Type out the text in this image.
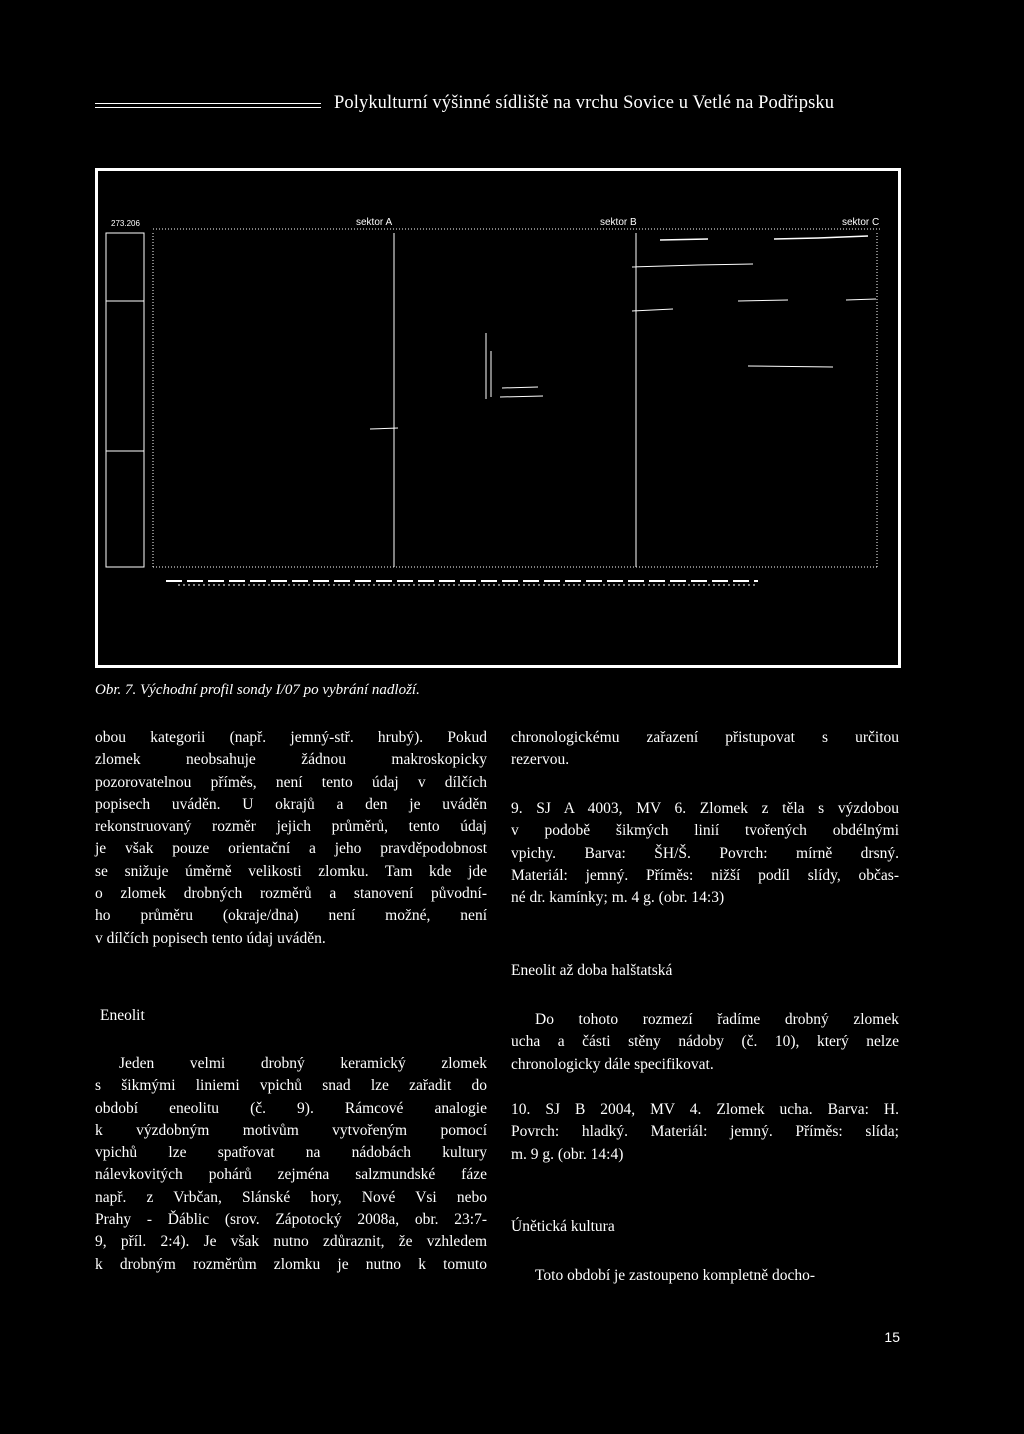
Polykulturní výšinné sídliště na vrchu Sovice u Vetlé na Podřipsku
273.206	sektor A	sektor B	sektor C
Obr. 7. Východní profil sondy I/07 po vybrání nadloží.

obou kategorii (např. jemný-stř. hrubý). Pokud

zlomek neobsahuje žádnou makroskopicky

pozorovatelnou příměs, není tento údaj v dílčích

popisech uváděn. U okrajů a den je uváděn

rekonstruovaný rozměr jejich průměrů, tento údaj

je však pouze orientační a jeho pravděpodobnost

se snižuje úměrně velikosti zlomku. Tam kde jde

o zlomek drobných rozměrů a stanovení původní-

ho průměru (okraje/dna) není možné, není

v dílčích popisech tento údaj uváděn.

Eneolit

Jeden velmi drobný keramický zlomek

s šikmými liniemi vpichů snad lze zařadit do

období eneolitu (č. 9). Rámcové analogie

k výzdobným motivům vytvořeným pomocí

vpichů lze spatřovat na nádobách kultury

nálevkovitých pohárů zejména salzmundské fáze

např. z Vrbčan, Slánské hory, Nové Vsi nebo

Prahy - Ďáblic (srov. Zápotocký 2008a, obr. 23:7-

9, příl. 2:4). Je však nutno zdůraznit, že vzhledem

k drobným rozměrům zlomku je nutno k tomuto

chronologickému zařazení přistupovat s určitou

rezervou.

9. SJ A 4003, MV 6. Zlomek z těla s výzdobou

v podobě šikmých linií tvořených obdélnými

vpichy. Barva: ŠH/Š. Povrch: mírně drsný.

Materiál: jemný. Příměs: nižší podíl slídy, občas-

né dr. kamínky; m. 4 g. (obr. 14:3)

Eneolit až doba halštatská

Do tohoto rozmezí řadíme drobný zlomek

ucha a části stěny nádoby (č. 10), který nelze

chronologicky dále specifikovat.

10. SJ B 2004, MV 4. Zlomek ucha. Barva: H.

Povrch: hladký. Materiál: jemný. Příměs: slída;

m. 9 g. (obr. 14:4)

Únětická kultura

Toto období je zastoupeno kompletně docho-

15
